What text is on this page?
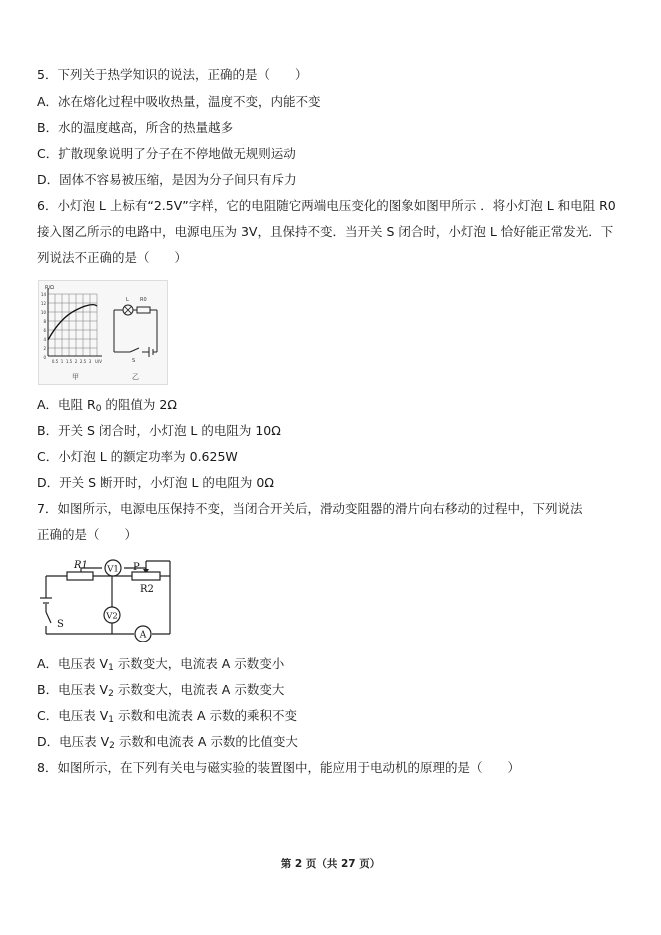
5．下列关于热学知识的说法，正确的是（　　）
A．冰在熔化过程中吸收热量，温度不变，内能不变
B．水的温度越高，所含的热量越多
C．扩散现象说明了分子在不停地做无规则运动
D．固体不容易被压缩，是因为分子间只有斥力
6．小灯泡 L 上标有“2.5V”字样，它的电阻随它两端电压变化的图象如图甲所示 ．将小灯泡 L 和电阻 R0
接入图乙所示的电路中，电源电压为 3V，且保持不变．当开关 S 闭合时，小灯泡 L 恰好能正常发光．下
列说法不正确的是（　　）
R/Ω
14
12
10
8
6
4
2
0
0.5 1 1.5 2 2.5 3 U/V
甲
L R0
S
乙
A．电阻 $R_0$ 的阻值为 2Ω
B．开关 S 闭合时，小灯泡 L 的电阻为 10Ω
C．小灯泡 L 的额定功率为 0.625W
D．开关 S 断开时，小灯泡 L 的电阻为 0Ω
7．如图所示，电源电压保持不变，当闭合开关后，滑动变阻器的滑片向右移动的过程中，下列说法
正确的是（　　）
R1 V1 P
R2
V2
A
S
A．电压表 $V_1$ 示数变大，电流表 A 示数变小
B．电压表 $V_2$ 示数变大，电流表 A 示数变大
C．电压表 $V_1$ 示数和电流表 A 示数的乘积不变
D．电压表 $V_2$ 示数和电流表 A 示数的比值变大
8．如图所示，在下列有关电与磁实验的装置图中，能应用于电动机的原理的是（　　）
第 2 页（共 27 页）
